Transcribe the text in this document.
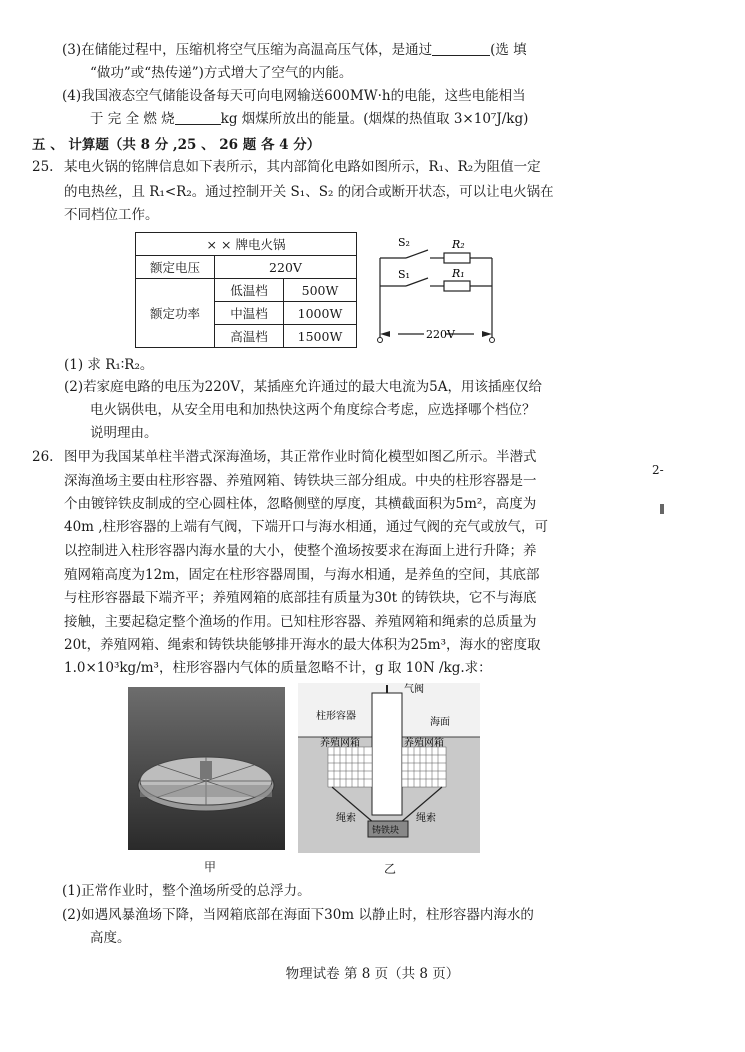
(3)在储能过程中，压缩机将空气压缩为高温高压气体，是通过	(选 填
“做功”或“热传递”)方式增大了空气的内能。
(4)我国液态空气储能设备每天可向电网输送600MW·h的电能，这些电能相当
于 完 全 燃 烧	kg 烟煤所放出的能量。(烟煤的热值取 3×10⁷J/kg)
五 、 计算题（共 8 分 ,25 、 26 题 各 4 分）
25. 某电火锅的铭牌信息如下表所示，其内部简化电路如图所示，R₁、R₂为阻值一定
的电热丝，且 R₁<R₂。通过控制开关 S₁、S₂ 的闭合或断开状态，可以让电火锅在
不同档位工作。
× × 牌电火锅		
额定电压	220V	
额定功率	低温档	500W
	中温档	1000W
	高温档	1500W
S₂	R₂
S₁	R₁
220V
(1) 求 R₁∶R₂。
(2)若家庭电路的电压为220V，某插座允许通过的最大电流为5A，用该插座仅给
电火锅供电，从安全用电和加热快这两个角度综合考虑，应选择哪个档位？
说明理由。
26. 图甲为我国某单柱半潜式深海渔场，其正常作业时简化模型如图乙所示。半潜式
深海渔场主要由柱形容器、养殖网箱、铸铁块三部分组成。中央的柱形容器是一
个由镀锌铁皮制成的空心圆柱体，忽略侧壁的厚度，其横截面积为5m²，高度为
40m ,柱形容器的上端有气阀，下端开口与海水相通，通过气阀的充气或放气，可
以控制进入柱形容器内海水量的大小，使整个渔场按要求在海面上进行升降；养
殖网箱高度为12m，固定在柱形容器周围，与海水相通，是养鱼的空间，其底部
与柱形容器最下端齐平；养殖网箱的底部挂有质量为30t 的铸铁块，它不与海底
接触，主要起稳定整个渔场的作用。已知柱形容器、养殖网箱和绳索的总质量为
20t，养殖网箱、绳索和铸铁块能够排开海水的最大体积为25m³，海水的密度取
1.0×10³kg/m³，柱形容器内气体的质量忽略不计，g 取 10N /kg.求：
气阀
柱形容器
海面
养殖网箱	养殖网箱
绳索	绳索
铸铁块
甲	乙
(1)正常作业时，整个渔场所受的总浮力。
(2)如遇风暴渔场下降，当网箱底部在海面下30m 以静止时，柱形容器内海水的
高度。
2-
物理试卷 第 8 页（共 8 页）
